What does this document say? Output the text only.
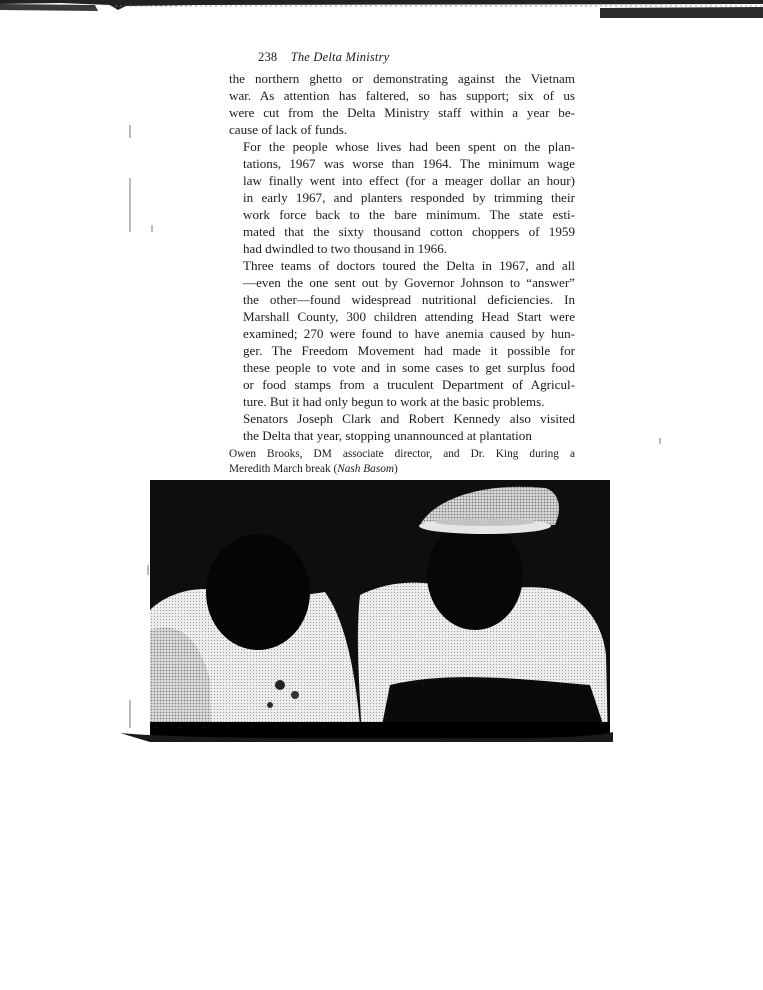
238 The Delta Ministry

the northern ghetto or demonstrating against the Vietnam
war. As attention has faltered, so has support; six of us
were cut from the Delta Ministry staff within a year be-
cause of lack of funds.

For the people whose lives had been spent on the plan-
tations, 1967 was worse than 1964. The minimum wage
law finally went into effect (for a meager dollar an hour)
in early 1967, and planters responded by trimming their
work force back to the bare minimum. The state esti-
mated that the sixty thousand cotton choppers of 1959
had dwindled to two thousand in 1966.

Three teams of doctors toured the Delta in 1967, and all
—even the one sent out by Governor Johnson to “answer”
the other—found widespread nutritional deficiencies. In
Marshall County, 300 children attending Head Start were
examined; 270 were found to have anemia caused by hun-
ger. The Freedom Movement had made it possible for
these people to vote and in some cases to get surplus food
or food stamps from a truculent Department of Agricul-
ture. But it had only begun to work at the basic problems.

Senators Joseph Clark and Robert Kennedy also visited
the Delta that year, stopping unannounced at plantation

Owen Brooks, DM associate director, and Dr. King during a
Meredith March break (Nash Basom)
